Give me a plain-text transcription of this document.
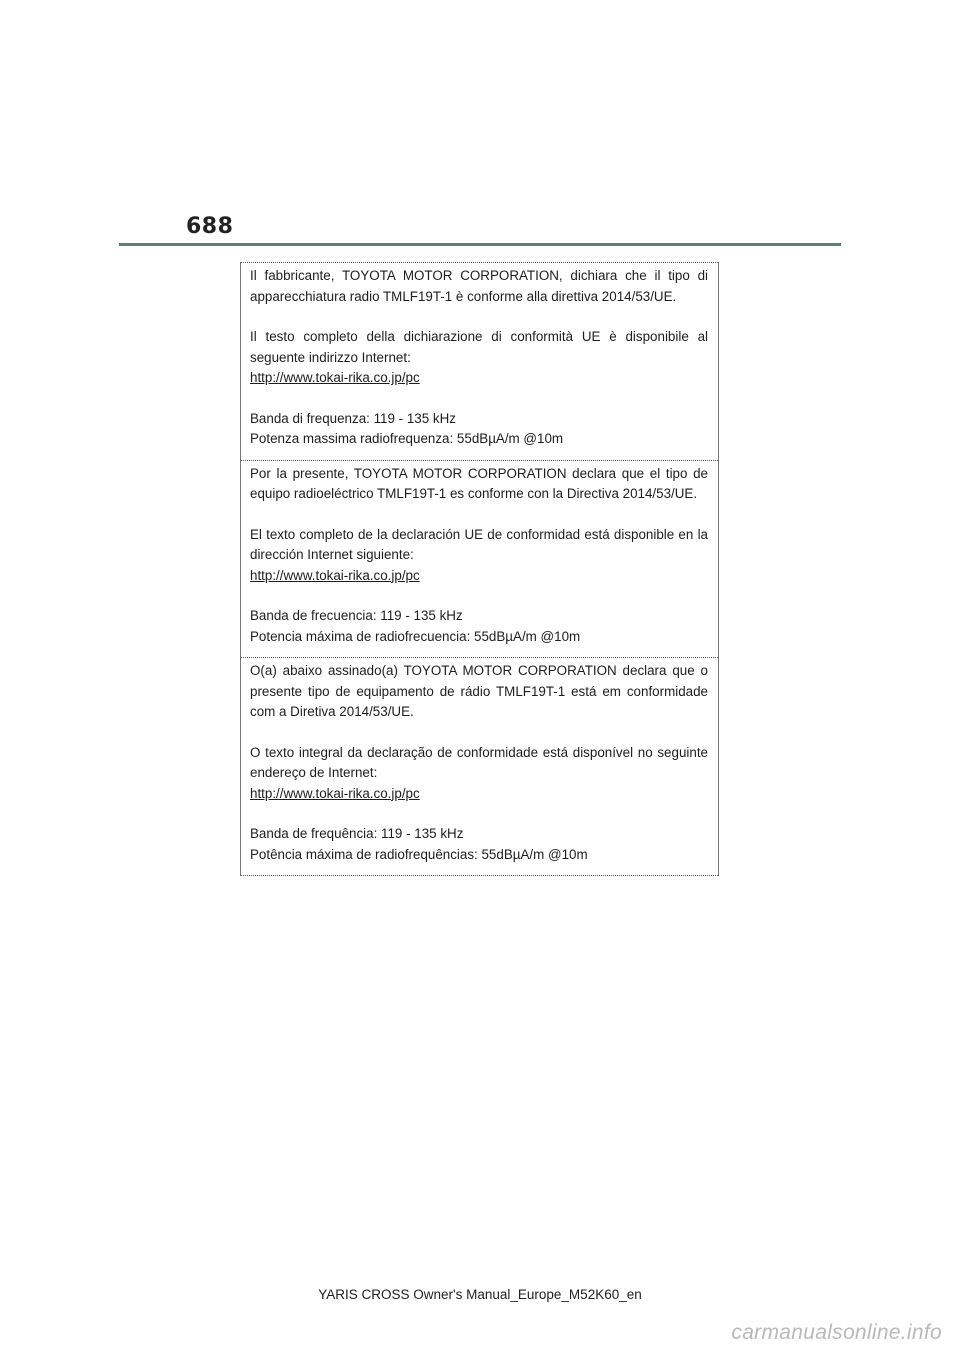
688

Il fabbricante, TOYOTA MOTOR CORPORATION, dichiara che il tipo di apparecchiatura radio TMLF19T-1 è conforme alla direttiva 2014/53/UE.

Il testo completo della dichiarazione di conformità UE è disponibile al seguente indirizzo Internet:
http://www.tokai-rika.co.jp/pc

Banda di frequenza: 119 - 135 kHz
Potenza massima radiofrequenza: 55dBµA/m @10m

Por la presente, TOYOTA MOTOR CORPORATION declara que el tipo de equipo radioeléctrico TMLF19T-1 es conforme con la Directiva 2014/53/UE.

El texto completo de la declaración UE de conformidad está disponible en la dirección Internet siguiente:
http://www.tokai-rika.co.jp/pc

Banda de frecuencia: 119 - 135 kHz
Potencia máxima de radiofrecuencia: 55dBµA/m @10m

O(a) abaixo assinado(a) TOYOTA MOTOR CORPORATION declara que o presente tipo de equipamento de rádio TMLF19T-1 está em conformidade com a Diretiva 2014/53/UE.

O texto integral da declaração de conformidade está disponível no seguinte endereço de Internet:
http://www.tokai-rika.co.jp/pc

Banda de frequência: 119 - 135 kHz
Potência máxima de radiofrequências: 55dBµA/m @10m

YARIS CROSS Owner's Manual_Europe_M52K60_en
carmanualsonline.info
